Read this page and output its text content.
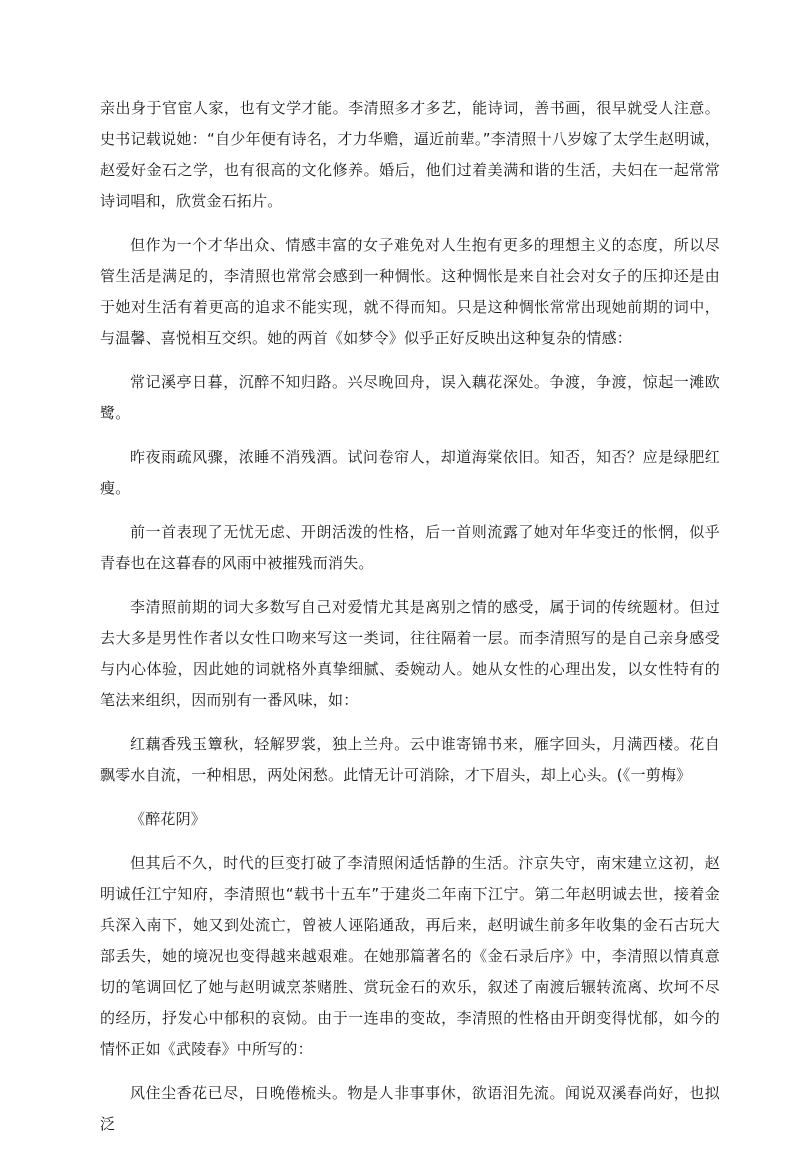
亲出身于官宦人家，也有文学才能。李清照多才多艺，能诗词，善书画，很早就受人注意。史书记载说她：“自少年便有诗名，才力华赡，逼近前辈。”李清照十八岁嫁了太学生赵明诚，赵爱好金石之学，也有很高的文化修养。婚后，他们过着美满和谐的生活，夫妇在一起常常诗词唱和，欣赏金石拓片。

但作为一个才华出众、情感丰富的女子难免对人生抱有更多的理想主义的态度，所以尽管生活是满足的，李清照也常常会感到一种惆怅。这种惆怅是来自社会对女子的压抑还是由于她对生活有着更高的追求不能实现，就不得而知。只是这种惆怅常常出现她前期的词中，与温馨、喜悦相互交织。她的两首《如梦令》似乎正好反映出这种复杂的情感：

常记溪亭日暮，沉醉不知归路。兴尽晚回舟，误入藕花深处。争渡，争渡，惊起一滩欧鹭。

昨夜雨疏风骤，浓睡不消残酒。试问卷帘人，却道海棠依旧。知否，知否？应是绿肥红瘦。

前一首表现了无忧无虑、开朗活泼的性格，后一首则流露了她对年华变迁的怅惘，似乎青春也在这暮春的风雨中被摧残而消失。

李清照前期的词大多数写自己对爱情尤其是离别之情的感受，属于词的传统题材。但过去大多是男性作者以女性口吻来写这一类词，往往隔着一层。而李清照写的是自己亲身感受与内心体验，因此她的词就格外真挚细腻、委婉动人。她从女性的心理出发，以女性特有的笔法来组织，因而别有一番风味，如：

红藕香残玉簟秋，轻解罗裳，独上兰舟。云中谁寄锦书来，雁字回头，月满西楼。花自飘零水自流，一种相思，两处闲愁。此情无计可消除，才下眉头，却上心头。(《一剪梅》

《醉花阴》

但其后不久，时代的巨变打破了李清照闲适恬静的生活。汴京失守，南宋建立这初，赵明诚任江宁知府，李清照也“载书十五车”于建炎二年南下江宁。第二年赵明诚去世，接着金兵深入南下，她又到处流亡，曾被人诬陷通敌，再后来，赵明诚生前多年收集的金石古玩大部丢失，她的境况也变得越来越艰难。在她那篇著名的《金石录后序》中，李清照以情真意切的笔调回忆了她与赵明诚烹茶赌胜、赏玩金石的欢乐，叙述了南渡后辗转流离、坎坷不尽的经历，抒发心中郁积的哀恸。由于一连串的变故，李清照的性格由开朗变得忧郁，如今的情怀正如《武陵春》中所写的：

风住尘香花已尽，日晚倦梳头。物是人非事事休，欲语泪先流。闻说双溪春尚好，也拟泛
